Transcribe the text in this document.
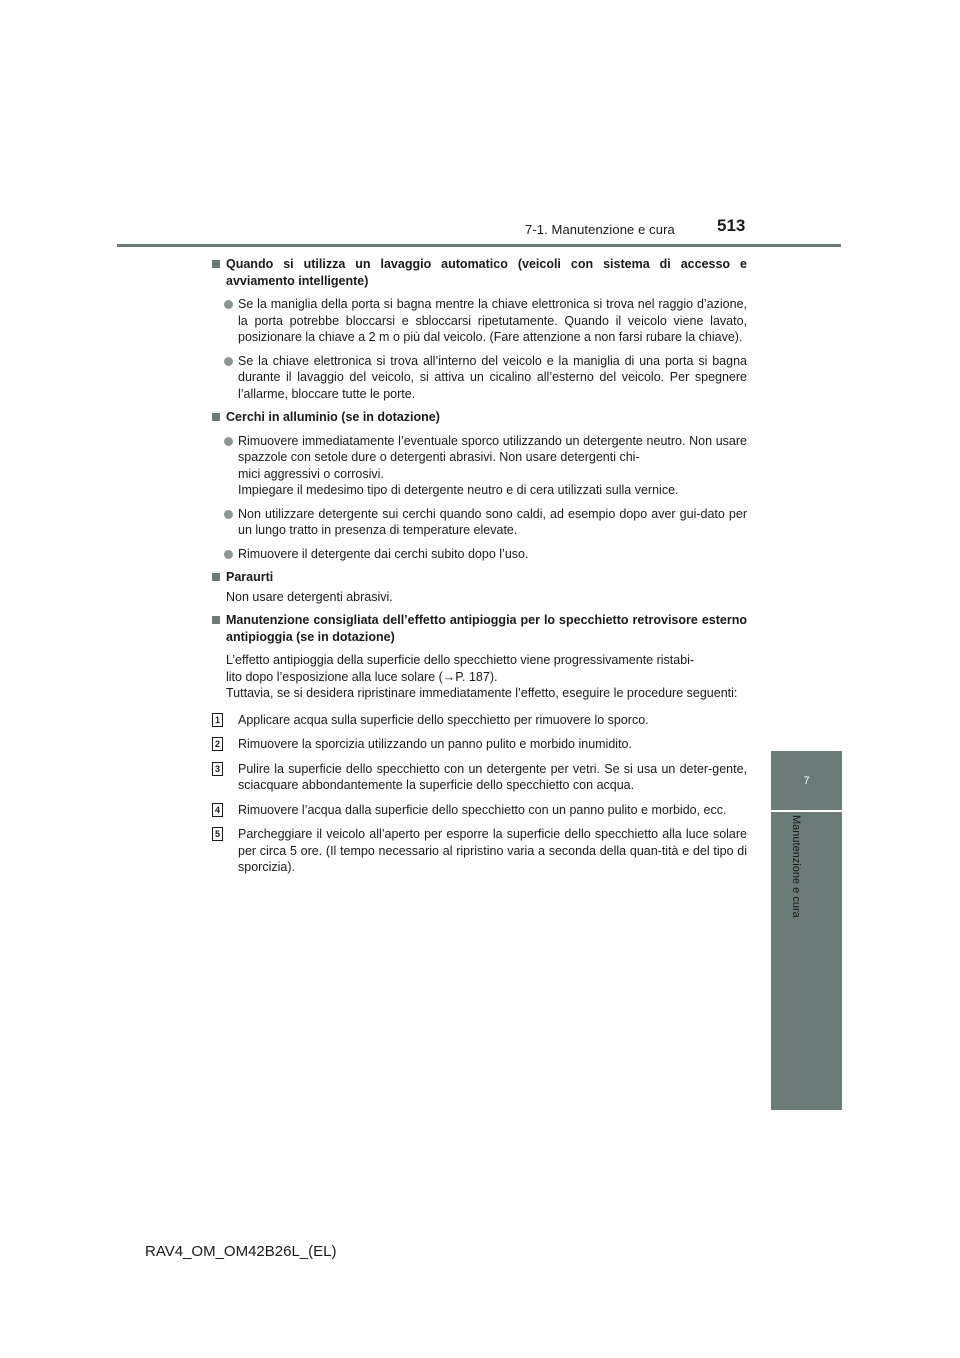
7-1. Manutenzione e cura 513
7
Manutenzione e cura
Quando si utilizza un lavaggio automatico (veicoli con sistema di accesso e avviamento intelligente)
Se la maniglia della porta si bagna mentre la chiave elettronica si trova nel raggio d’azione, la porta potrebbe bloccarsi e sbloccarsi ripetutamente. Quando il veicolo viene lavato, posizionare la chiave a 2 m o più dal veicolo. (Fare attenzione a non farsi rubare la chiave).
Se la chiave elettronica si trova all’interno del veicolo e la maniglia di una porta si bagna durante il lavaggio del veicolo, si attiva un cicalino all’esterno del veicolo. Per spegnere l’allarme, bloccare tutte le porte.
Cerchi in alluminio (se in dotazione)
Rimuovere immediatamente l’eventuale sporco utilizzando un detergente neutro. Non usare spazzole con setole dure o detergenti abrasivi. Non usare detergenti chi-
mici aggressivi o corrosivi.
Impiegare il medesimo tipo di detergente neutro e di cera utilizzati sulla vernice.
Non utilizzare detergente sui cerchi quando sono caldi, ad esempio dopo aver gui-dato per un lungo tratto in presenza di temperature elevate.
Rimuovere il detergente dai cerchi subito dopo l’uso.
Paraurti
Non usare detergenti abrasivi.
Manutenzione consigliata dell’effetto antipioggia per lo specchietto retrovisore esterno antipioggia (se in dotazione)
L’effetto antipioggia della superficie dello specchietto viene progressivamente ristabi-
lito dopo l’esposizione alla luce solare (→P. 187).
Tuttavia, se si desidera ripristinare immediatamente l’effetto, eseguire le procedure seguenti:
1 Applicare acqua sulla superficie dello specchietto per rimuovere lo sporco.
2 Rimuovere la sporcizia utilizzando un panno pulito e morbido inumidito.
3 Pulire la superficie dello specchietto con un detergente per vetri. Se si usa un deter-gente, sciacquare abbondantemente la superficie dello specchietto con acqua.
4 Rimuovere l’acqua dalla superficie dello specchietto con un panno pulito e morbido, ecc.
5 Parcheggiare il veicolo all’aperto per esporre la superficie dello specchietto alla luce solare per circa 5 ore. (Il tempo necessario al ripristino varia a seconda della quan-tità e del tipo di sporcizia).
RAV4_OM_OM42B26L_(EL)
